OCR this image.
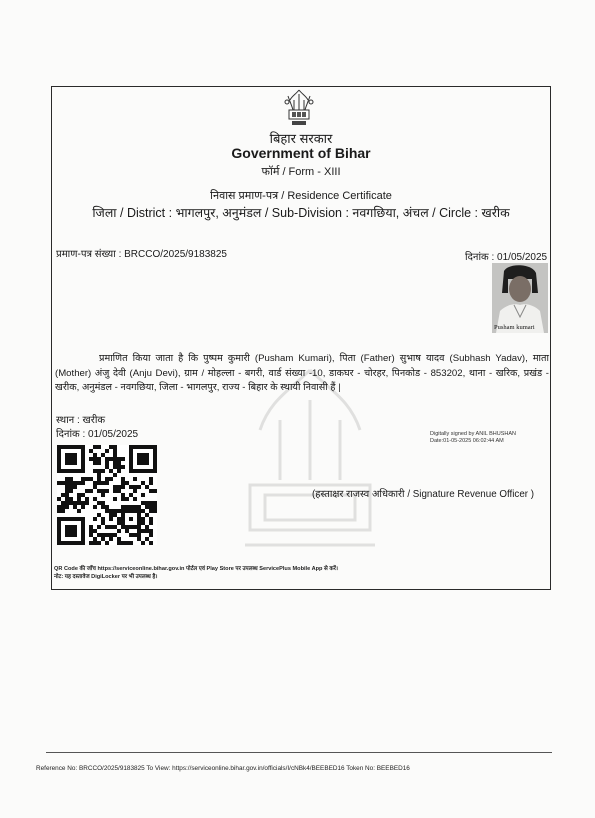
बिहार सरकार
Government of Bihar
फॉर्म / Form - XIII
निवास प्रमाण-पत्र / Residence Certificate
जिला / District : भागलपुर, अनुमंडल / Sub-Division : नवगछिया, अंचल / Circle : खरीक
प्रमाण-पत्र संख्या : BRCCO/2025/9183825	दिनांक : 01/05/2025
Pusham kumari
प्रमाणित किया जाता है कि पुष्पम कुमारी (Pusham Kumari), पिता (Father) सुभाष यादव (Subhash Yadav), माता (Mother) अंजु देवी (Anju Devi), ग्राम / मोहल्ला - बगरी, वार्ड संख्या -10, डाकघर - चोरहर, पिनकोड - 853202, थाना - खरिक, प्रखंड - खरीक, अनुमंडल - नवगछिया, जिला - भागलपुर, राज्य - बिहार के स्थायी निवासी हैं |
स्थान : खरीक
दिनांक : 01/05/2025	Digitally signed by ANIL BHUSHAN
Date:01-05-2025 06:02:44 AM
(हस्ताक्षर राजस्व अधिकारी / Signature Revenue Officer )
QR Code की जाँच https://serviceonline.bihar.gov.in पोर्टल एवं Play Store पर उपलब्ध ServicePlus Mobile App से करें।
नोट: यह दस्तावेज DigiLocker पर भी उपलब्ध है।
Reference No: BRCCO/2025/9183825 To View: https://serviceonline.bihar.gov.in/officials/I/cNBk4/BEEBED16 Token No: BEEBED16
